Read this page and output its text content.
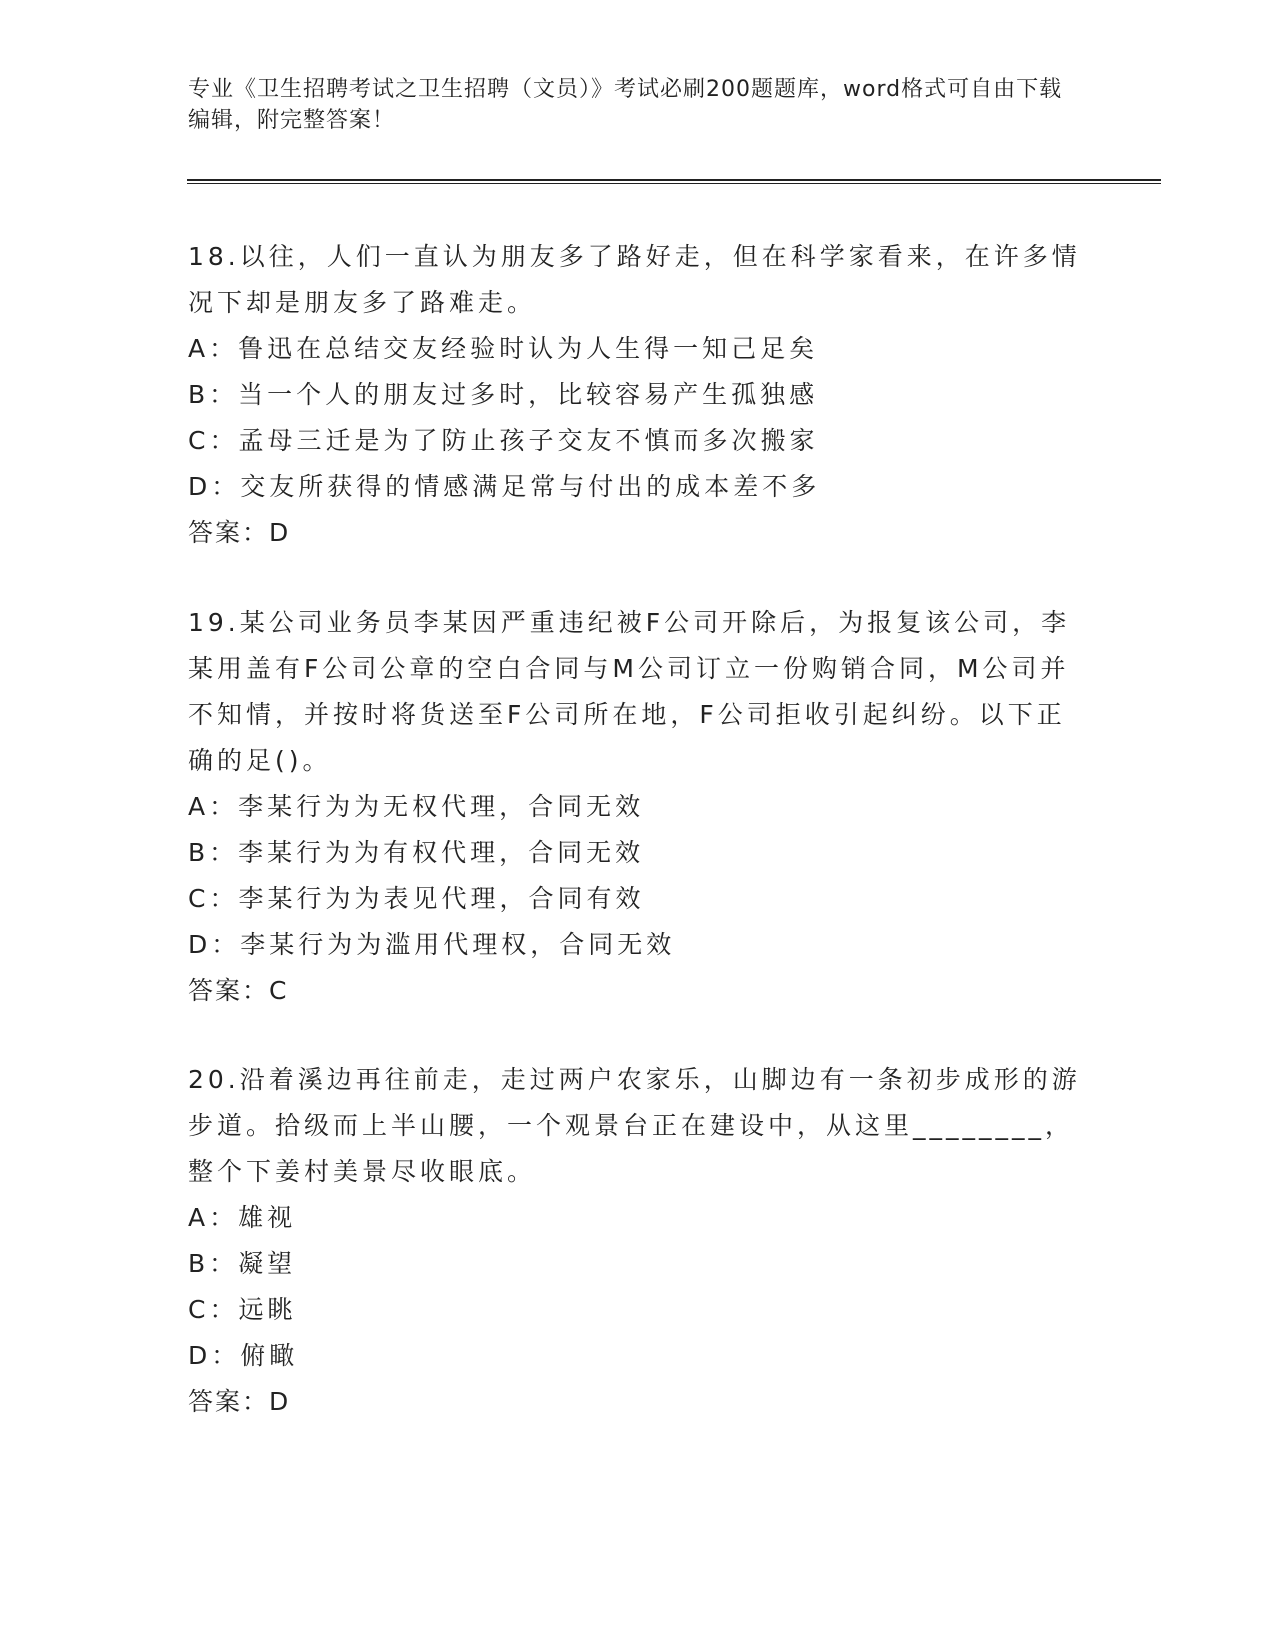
专业《卫生招聘考试之卫生招聘（文员）》考试必刷200题题库，word格式可自由下载编辑，附完整答案！

18.以往，人们一直认为朋友多了路好走，但在科学家看来，在许多情况下却是朋友多了路难走。

A：鲁迅在总结交友经验时认为人生得一知己足矣

B：当一个人的朋友过多时，比较容易产生孤独感

C：孟母三迁是为了防止孩子交友不慎而多次搬家

D：交友所获得的情感满足常与付出的成本差不多

答案：D

19.某公司业务员李某因严重违纪被F公司开除后，为报复该公司，李某用盖有F公司公章的空白合同与M公司订立一份购销合同，M公司并不知情，并按时将货送至F公司所在地，F公司拒收引起纠纷。以下正确的足()。

A：李某行为为无权代理，合同无效

B：李某行为为有权代理，合同无效

C：李某行为为表见代理，合同有效

D：李某行为为滥用代理权，合同无效

答案：C

20.沿着溪边再往前走，走过两户农家乐，山脚边有一条初步成形的游步道。拾级而上半山腰，一个观景台正在建设中，从这里________，整个下姜村美景尽收眼底。

A：雄视

B：凝望

C：远眺

D：俯瞰

答案：D
